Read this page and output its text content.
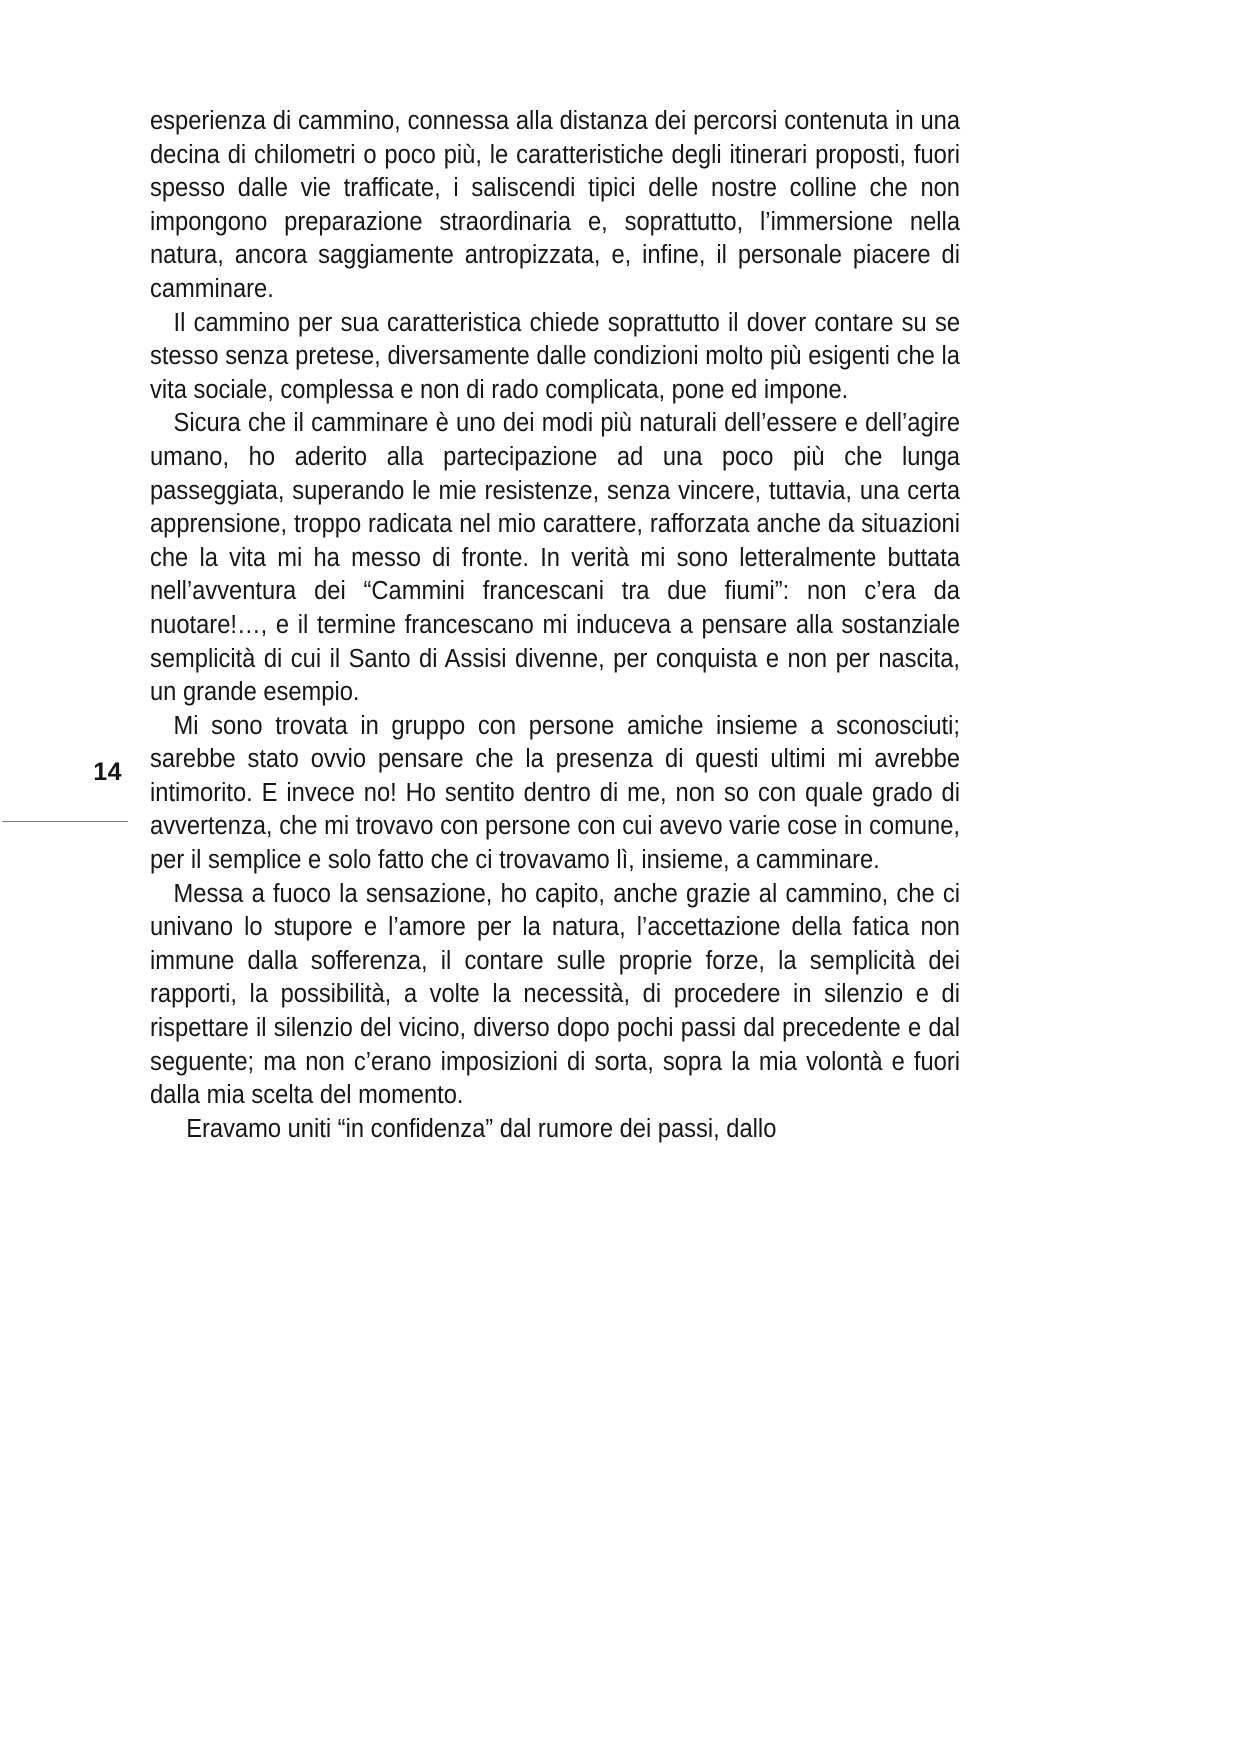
14

esperienza di cammino, connessa alla distanza dei percorsi contenuta in una decina di chilometri o poco più, le caratteristiche degli itinerari proposti, fuori spesso dalle vie trafficate, i saliscendi tipici delle nostre colline che non impongono preparazione straordinaria e, soprattutto, l’immersione nella natura, ancora saggiamente antropizzata, e, infine, il personale piacere di camminare.

Il cammino per sua caratteristica chiede soprattutto il dover contare su se stesso senza pretese, diversamente dalle condizioni molto più esigenti che la vita sociale, complessa e non di rado complicata, pone ed impone.

Sicura che il camminare è uno dei modi più naturali dell’essere e dell’agire umano, ho aderito alla partecipazione ad una poco più che lunga passeggiata, superando le mie resistenze, senza vincere, tuttavia, una certa apprensione, troppo radicata nel mio carattere, rafforzata anche da situazioni che la vita mi ha messo di fronte. In verità mi sono letteralmente buttata nell’avventura dei “Cammini francescani tra due fiumi”: non c’era da nuotare!…, e il termine francescano mi induceva a pensare alla sostanziale semplicità di cui il Santo di Assisi divenne, per conquista e non per nascita, un grande esempio.

Mi sono trovata in gruppo con persone amiche insieme a sconosciuti; sarebbe stato ovvio pensare che la presenza di questi ultimi mi avrebbe intimorito. E invece no! Ho sentito dentro di me, non so con quale grado di avvertenza, che mi trovavo con persone con cui avevo varie cose in comune, per il semplice e solo fatto che ci trovavamo lì, insieme, a camminare.

Messa a fuoco la sensazione, ho capito, anche grazie al cammino, che ci univano lo stupore e l’amore per la natura, l’accettazione della fatica non immune dalla sofferenza, il contare sulle proprie forze, la semplicità dei rapporti, la possibilità, a volte la necessità, di procedere in silenzio e di rispettare il silenzio del vicino, diverso dopo pochi passi dal precedente e dal seguente; ma non c’erano imposizioni di sorta, sopra la mia volontà e fuori dalla mia scelta del momento.

Eravamo uniti “in confidenza” dal rumore dei passi, dallo
